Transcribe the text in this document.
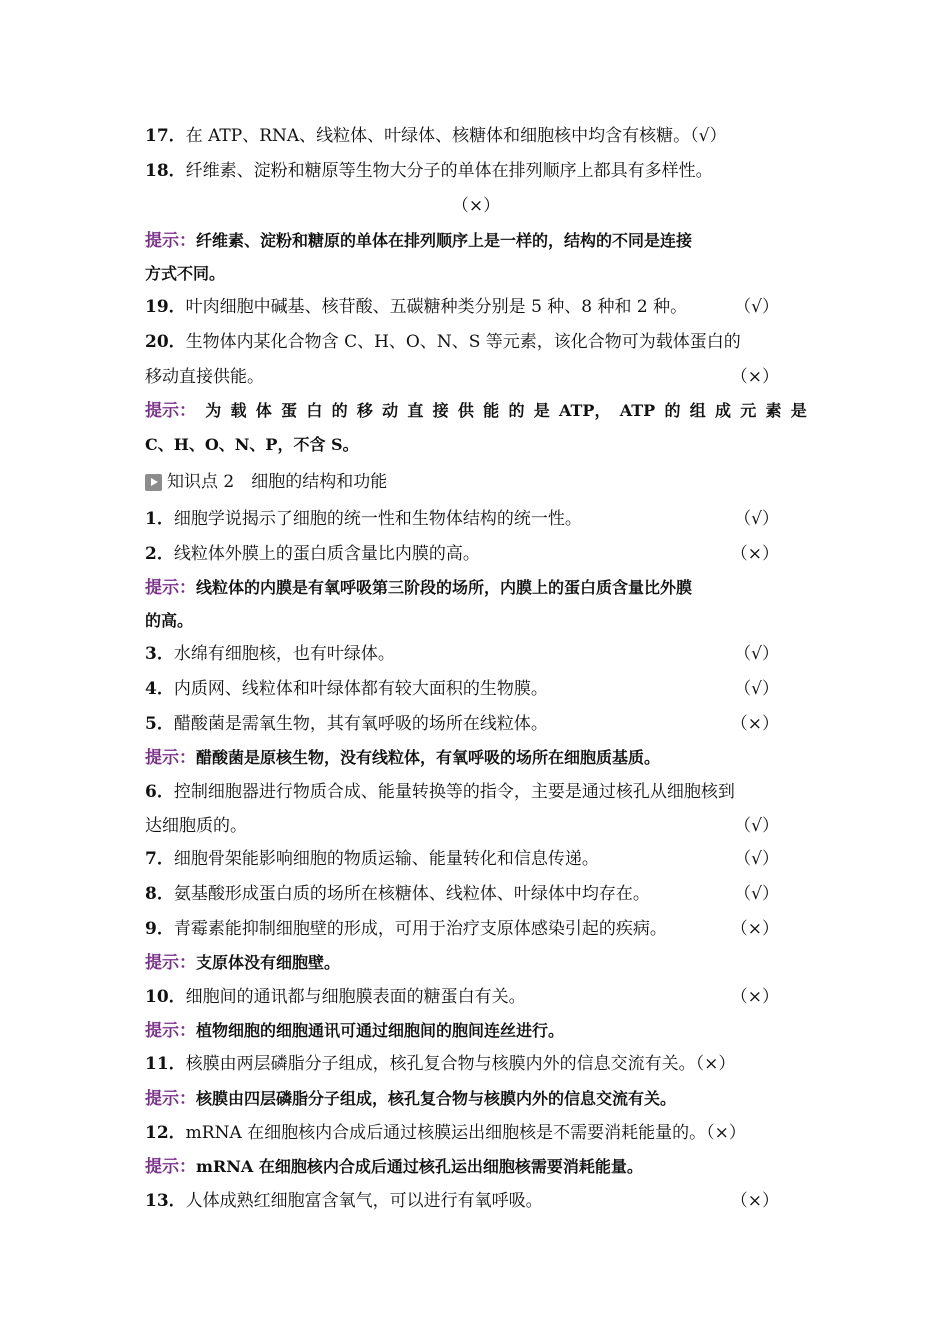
17．在 ATP、RNA、线粒体、叶绿体、核糖体和细胞核中均含有核糖。（√）
18．纤维素、淀粉和糖原等生物大分子的单体在排列顺序上都具有多样性。
（×）
提示：纤维素、淀粉和糖原的单体在排列顺序上是一样的，结构的不同是连接
方式不同。
19．叶肉细胞中碱基、核苷酸、五碳糖种类分别是 5 种、8 种和 2 种。	（√）
20．生物体内某化合物含 C、H、O、N、S 等元素，该化合物可为载体蛋白的
移动直接供能。	（×）
提示： 为 载 体 蛋 白 的 移 动 直 接 供 能 的 是 ATP， ATP 的 组 成 元 素 是
C、H、O、N、P，不含 S。
知识点 2　细胞的结构和功能
1．细胞学说揭示了细胞的统一性和生物体结构的统一性。	（√）
2．线粒体外膜上的蛋白质含量比内膜的高。	（×）
提示：线粒体的内膜是有氧呼吸第三阶段的场所，内膜上的蛋白质含量比外膜
的高。
3．水绵有细胞核，也有叶绿体。	（√）
4．内质网、线粒体和叶绿体都有较大面积的生物膜。	（√）
5．醋酸菌是需氧生物，其有氧呼吸的场所在线粒体。	（×）
提示：醋酸菌是原核生物，没有线粒体，有氧呼吸的场所在细胞质基质。
6．控制细胞器进行物质合成、能量转换等的指令，主要是通过核孔从细胞核到
达细胞质的。	（√）
7．细胞骨架能影响细胞的物质运输、能量转化和信息传递。	（√）
8．氨基酸形成蛋白质的场所在核糖体、线粒体、叶绿体中均存在。	（√）
9．青霉素能抑制细胞壁的形成，可用于治疗支原体感染引起的疾病。	（×）
提示：支原体没有细胞壁。
10．细胞间的通讯都与细胞膜表面的糖蛋白有关。	（×）
提示：植物细胞的细胞通讯可通过细胞间的胞间连丝进行。
11．核膜由两层磷脂分子组成，核孔复合物与核膜内外的信息交流有关。（×）
提示：核膜由四层磷脂分子组成，核孔复合物与核膜内外的信息交流有关。
12．mRNA 在细胞核内合成后通过核膜运出细胞核是不需要消耗能量的。（×）
提示：mRNA 在细胞核内合成后通过核孔运出细胞核需要消耗能量。
13．人体成熟红细胞富含氧气，可以进行有氧呼吸。	（×）
